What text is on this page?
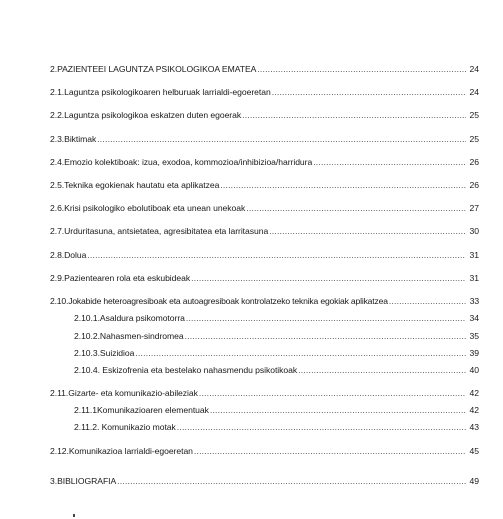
2.PAZIENTEEI LAGUNTZA PSIKOLOGIKOA EMATEA .....	24
2.1.Laguntza psikologikoaren helburuak larrialdi-egoeretan .....	24
2.2.Laguntza psikologikoa eskatzen duten egoerak .....	25
2.3.Biktimak .....	25
2.4.Emozio kolektiboak: izua, exodoa, kommozioa/inhibizioa/harridura .....	26
2.5.Teknika egokienak hautatu eta aplikatzea .....	26
2.6.Krisi psikologiko ebolutiboak eta unean unekoak .....	27
2.7.Urduritasuna, antsietatea, agresibitatea eta larritasuna .....	30
2.8.Dolua .....	31
2.9.Pazientearen rola eta eskubideak .....	31
2.10.Jokabide heteroagresiboak eta autoagresiboak kontrolatzeko teknika egokiak aplikatzea .....	33
2.10.1.Asaldura psikomotorra .....	34
2.10.2.Nahasmen-sindromea .....	35
2.10.3.Suizidioa .....	39
2.10.4. Eskizofrenia eta bestelako nahasmendu psikotikoak .....	40
2.11.Gizarte- eta komunikazio-abileziak .....	42
2.11.1Komunikazioaren elementuak .....	42
2.11.2. Komunikazio motak .....	43
2.12.Komunikazioa larrialdi-egoeretan .....	45
3.BIBLIOGRAFIA .....	49
